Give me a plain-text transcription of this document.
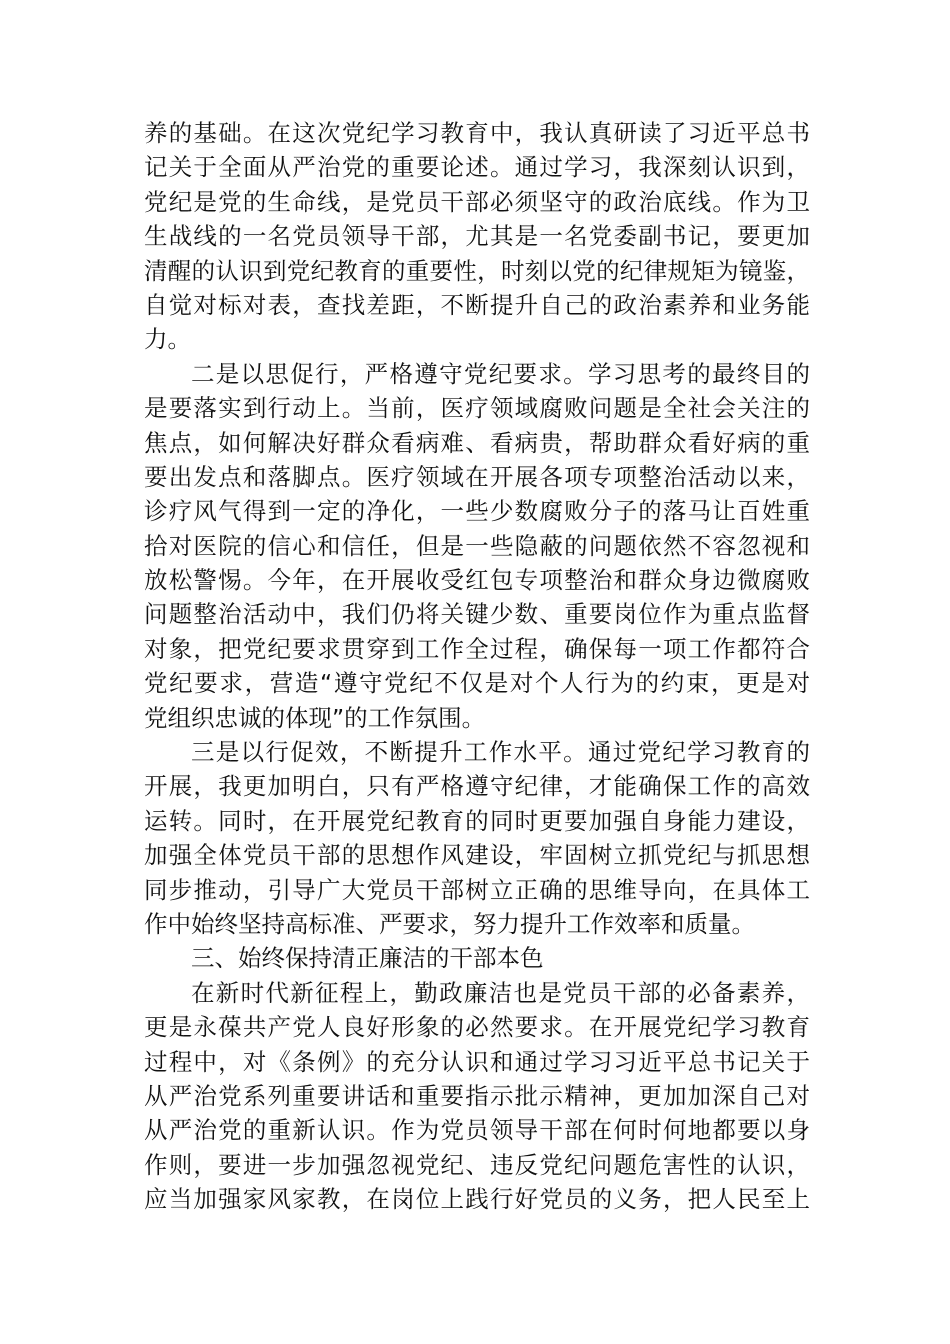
养的基础。在这次党纪学习教育中，我认真研读了习近平总书
记关于全面从严治党的重要论述。通过学习，我深刻认识到，
党纪是党的生命线，是党员干部必须坚守的政治底线。作为卫
生战线的一名党员领导干部，尤其是一名党委副书记，要更加
清醒的认识到党纪教育的重要性，时刻以党的纪律规矩为镜鉴，
自觉对标对表，查找差距，不断提升自己的政治素养和业务能
力。
二是以思促行，严格遵守党纪要求。学习思考的最终目的
是要落实到行动上。当前，医疗领域腐败问题是全社会关注的
焦点，如何解决好群众看病难、看病贵，帮助群众看好病的重
要出发点和落脚点。医疗领域在开展各项专项整治活动以来，
诊疗风气得到一定的净化，一些少数腐败分子的落马让百姓重
拾对医院的信心和信任，但是一些隐蔽的问题依然不容忽视和
放松警惕。今年，在开展收受红包专项整治和群众身边微腐败
问题整治活动中，我们仍将关键少数、重要岗位作为重点监督
对象，把党纪要求贯穿到工作全过程，确保每一项工作都符合
党纪要求，营造“遵守党纪不仅是对个人行为的约束，更是对
党组织忠诚的体现”的工作氛围。
三是以行促效，不断提升工作水平。通过党纪学习教育的
开展，我更加明白，只有严格遵守纪律，才能确保工作的高效
运转。同时，在开展党纪教育的同时更要加强自身能力建设，
加强全体党员干部的思想作风建设，牢固树立抓党纪与抓思想
同步推动，引导广大党员干部树立正确的思维导向，在具体工
作中始终坚持高标准、严要求，努力提升工作效率和质量。
三、始终保持清正廉洁的干部本色
在新时代新征程上，勤政廉洁也是党员干部的必备素养，
更是永葆共产党人良好形象的必然要求。在开展党纪学习教育
过程中，对《条例》的充分认识和通过学习习近平总书记关于
从严治党系列重要讲话和重要指示批示精神，更加加深自己对
从严治党的重新认识。作为党员领导干部在何时何地都要以身
作则，要进一步加强忽视党纪、违反党纪问题危害性的认识，
应当加强家风家教，在岗位上践行好党员的义务，把人民至上
